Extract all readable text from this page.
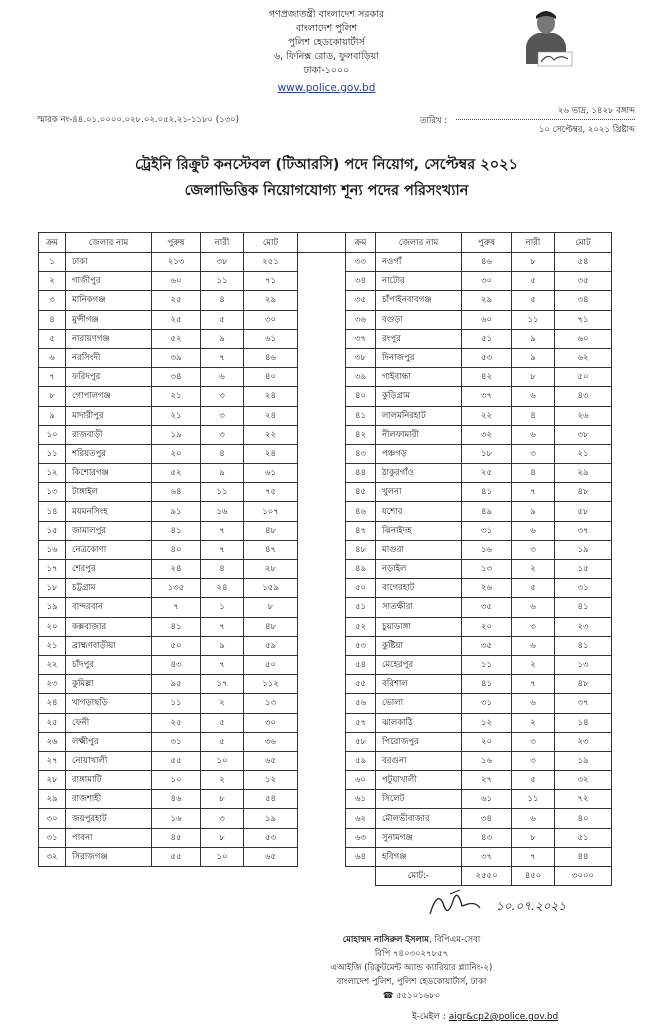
গণপ্রজাতন্ত্রী বাংলাদেশ সরকার
বাংলাদেশ পুলিশ
পুলিশ হেডকোয়ার্টার্স
৬, ফিনিক্স রোড, ফুলবাড়িয়া
ঢাকা-১০০০
www.police.gov.bd
স্মারক নং-৪৪.০১.০০০০.০২৮.০২.০৫২.২১-১১৮০ (১৩০)	তারিখ :
২৬ ভাদ্র, ১৪২৮ বঙ্গাব্দ
১০ সেপ্টেম্বর, ২০২১ খ্রিষ্টাব্দ
ট্রেইনি রিক্রুট কনস্টেবল (টিআরসি) পদে নিয়োগ, সেপ্টেম্বর ২০২১
জেলাভিত্তিক নিয়োগযোগ্য শূন্য পদের পরিসংখ্যান
ক্রম	জেলার নাম	পুরুষ	নারী	মোট		ক্রম	জেলার নাম	পুরুষ	নারী	মোট
১	ঢাকা	২১৩	৩৮	২৫১		৩৩	নওগাঁ	৪৬	৮	৫৪
২	গাজীপুর	৬০	১১	৭১		৩৪	নাটোর	৩০	৫	৩৫
৩	মানিকগঞ্জ	২৫	৪	২৯		৩৫	চাঁপাইনবাবগঞ্জ	২৯	৫	৩৪
৪	মুন্সীগঞ্জ	২৫	৫	৩০		৩৬	বগুড়া	৬০	১১	৭১
৫	নারায়ণগঞ্জ	৫২	৯	৬১		৩৭	রংপুর	৫১	৯	৬০
৬	নরসিংদী	৩৯	৭	৪৬		৩৮	দিনাজপুর	৫৩	৯	৬২
৭	ফরিদপুর	৩৪	৬	৪০		৩৯	গাইবান্ধা	৪২	৮	৫০
৮	গোপালগঞ্জ	২১	৩	২৪		৪০	কুড়িগ্রাম	৩৭	৬	৪৩
৯	মাদারীপুর	২১	৩	২৪		৪১	লালমনিরহাট	২২	৪	২৬
১০	রাজবাড়ী	১৯	৩	২২		৪২	নীলফামারী	৩২	৬	৩৮
১১	শরিয়তপুর	২০	৪	২৪		৪৩	পঞ্চগড়	১৮	৩	২১
১২	কিশোরগঞ্জ	৫২	৯	৬১		৪৪	ঠাকুরগাঁও	২৫	৪	২৯
১৩	টাঙ্গাইল	৬৪	১১	৭৫		৪৫	খুলনা	৪১	৭	৪৮
১৪	ময়মনসিংহ	৯১	১৬	১০৭		৪৬	যশোর	৪৯	৯	৫৮
১৫	জামালপুর	৪১	৭	৪৮		৪৭	ঝিনাইদহ	৩১	৬	৩৭
১৬	নেত্রকোণা	৪০	৭	৪৭		৪৮	মাগুরা	১৬	৩	১৯
১৭	শেরপুর	২৪	৪	২৮		৪৯	নড়াইল	১৩	২	১৫
১৮	চট্টগ্রাম	১৩৫	২৪	১৫৯		৫০	বাগেরহাট	২৬	৫	৩১
১৯	বান্দরবান	৭	১	৮		৫১	সাতক্ষীরা	৩৫	৬	৪১
২০	কক্সবাজার	৪১	৭	৪৮		৫২	চুয়াডাঙ্গা	২০	৩	২৩
২১	ব্রাহ্মণবাড়ীয়া	৫০	৯	৫৯		৫৩	কুষ্টিয়া	৩৫	৬	৪১
২২	চাঁদপুর	৪৩	৭	৫০		৫৪	মেহেরপুর	১১	২	১৩
২৩	কুমিল্লা	৯৫	১৭	১১২		৫৫	বরিশাল	৪১	৭	৪৮
২৪	খাগড়াছড়ি	১১	২	১৩		৫৬	ভোলা	৩১	৬	৩৭
২৫	ফেনী	২৫	৫	৩০		৫৭	ঝালকাঠি	১২	২	১৪
২৬	লক্ষ্মীপুর	৩১	৫	৩৬		৫৮	পিরোজপুর	২০	৩	২৩
২৭	নোয়াখালী	৫৫	১০	৬৫		৫৯	বরগুনা	১৬	৩	১৯
২৮	রাঙ্গামাটি	১০	২	১২		৬০	পটুয়াখালী	২৭	৫	৩২
২৯	রাজশাহী	৪৬	৮	৫৪		৬১	সিলেট	৬১	১১	৭২
৩০	জয়পুরহাট	১৬	৩	১৯		৬২	মৌলভীবাজার	৩৪	৬	৪০
৩১	পাবনা	৪৫	৮	৫৩		৬৩	সুনামগঞ্জ	৪৩	৮	৫১
৩২	সিরাজগঞ্জ	৫৫	১০	৬৫		৬৪	হবিগঞ্জ	৩৭	৭	৪৪
							মোট:-	২৫৫০	৪৫০	৩০০০
১০.০৭.২০২১
মোহাম্মদ নাসিরুল ইসলাম, বিপিএম-সেবা
বিপি ৭৪০৩০২৭৮৫৭
এআইজি (রিক্রুটমেন্ট অ্যান্ড ক্যারিয়ার প্ল্যানিং-২)
বাংলাদেশ পুলিশ, পুলিশ হেডকোয়ার্টার্স, ঢাকা
☎ ৫৫১০১৬৮০
ই-মেইল : aigr&cp2@police.gov.bd
